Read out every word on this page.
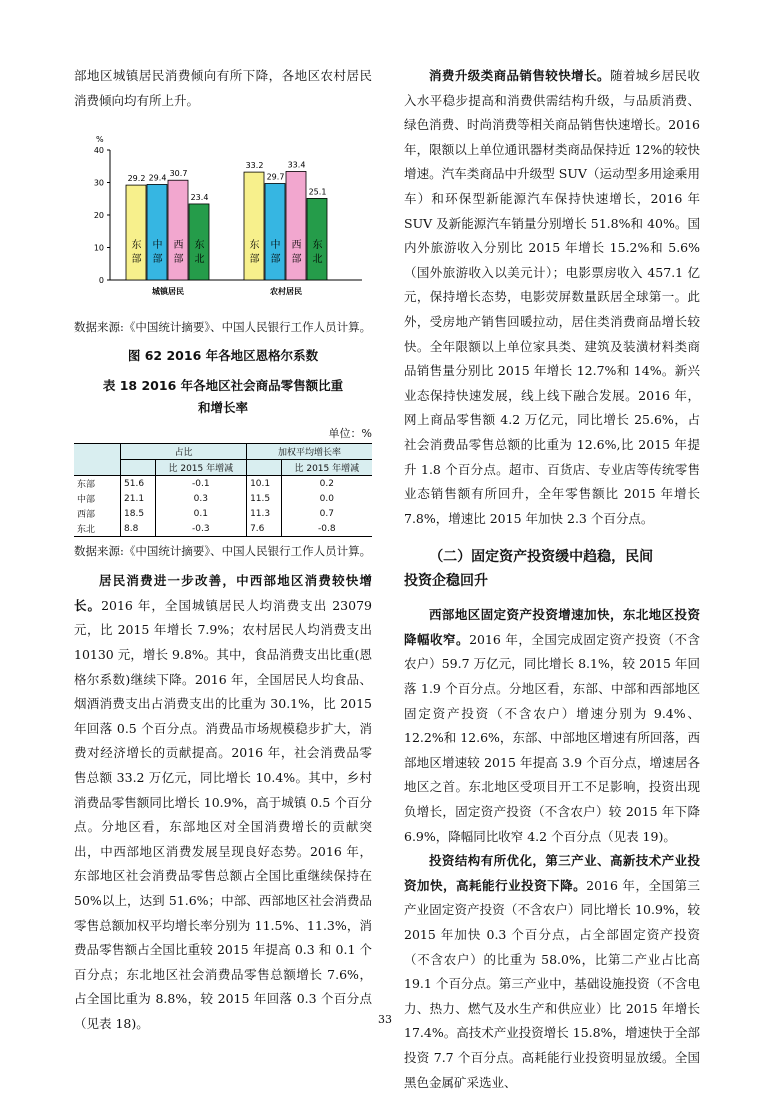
部地区城镇居民消费倾向有所下降，各地区农村居民消费倾向均有所上升。

%
0
10
20
30
40
29.2
东
部
29.4
中
部
30.7
西
部
23.4
东
北
城镇居民
33.2
东
部
29.7
中
部
33.4
西
部
25.1
东
北
农村居民

数据来源:《中国统计摘要》、中国人民银行工作人员计算。

图 62 2016 年各地区恩格尔系数

表 18 2016 年各地区社会商品零售额比重

和增长率

单位：%
	占比		加权平均增长率	
		比 2015 年增减		比 2015 年增减
东部	51.6	-0.1	10.1	0.2
中部	21.1	0.3	11.5	0.0
西部	18.5	0.1	11.3	0.7
东北	8.8	-0.3	7.6	-0.8

数据来源:《中国统计摘要》、中国人民银行工作人员计算。

居民消费进一步改善，中西部地区消费较快增长。2016 年，全国城镇居民人均消费支出 23079 元，比 2015 年增长 7.9%；农村居民人均消费支出 10130 元，增长 9.8%。其中，食品消费支出比重(恩格尔系数)继续下降。2016 年，全国居民人均食品、烟酒消费支出占消费支出的比重为 30.1%，比 2015 年回落 0.5 个百分点。消费品市场规模稳步扩大，消费对经济增长的贡献提高。2016 年，社会消费品零售总额 33.2 万亿元，同比增长 10.4%。其中，乡村消费品零售额同比增长 10.9%，高于城镇 0.5 个百分点。分地区看，东部地区对全国消费增长的贡献突出，中西部地区消费发展呈现良好态势。2016 年，东部地区社会消费品零售总额占全国比重继续保持在 50%以上，达到 51.6%；中部、西部地区社会消费品零售总额加权平均增长率分别为 11.5%、11.3%，消费品零售额占全国比重较 2015 年提高 0.3 和 0.1 个百分点；东北地区社会消费品零售总额增长 7.6%，占全国比重为 8.8%，较 2015 年回落 0.3 个百分点（见表 18)。

消费升级类商品销售较快增长。随着城乡居民收入水平稳步提高和消费供需结构升级，与品质消费、绿色消费、时尚消费等相关商品销售快速增长。2016 年，限额以上单位通讯器材类商品保持近 12%的较快增速。汽车类商品中升级型 SUV（运动型多用途乘用车）和环保型新能源汽车保持快速增长，2016 年 SUV 及新能源汽车销量分别增长 51.8%和 40%。国内外旅游收入分别比 2015 年增长 15.2%和 5.6%（国外旅游收入以美元计）；电影票房收入 457.1 亿元，保持增长态势，电影荧屏数量跃居全球第一。此外，受房地产销售回暖拉动，居住类消费商品增长较快。全年限额以上单位家具类、建筑及装潢材料类商品销售量分别比 2015 年增长 12.7%和 14%。新兴业态保持快速发展，线上线下融合发展。2016 年，网上商品零售额 4.2 万亿元，同比增长 25.6%，占社会消费品零售总额的比重为 12.6%,比 2015 年提升 1.8 个百分点。超市、百货店、专业店等传统零售业态销售额有所回升，全年零售额比 2015 年增长 7.8%，增速比 2015 年加快 2.3 个百分点。

（二）固定资产投资缓中趋稳，民间
投资企稳回升

西部地区固定资产投资增速加快，东北地区投资降幅收窄。2016 年，全国完成固定资产投资（不含农户）59.7 万亿元，同比增长 8.1%，较 2015 年回落 1.9 个百分点。分地区看，东部、中部和西部地区固定资产投资（不含农户）增速分别为 9.4%、12.2%和 12.6%，东部、中部地区增速有所回落，西部地区增速较 2015 年提高 3.9 个百分点，增速居各地区之首。东北地区受项目开工不足影响，投资出现负增长，固定资产投资（不含农户）较 2015 年下降 6.9%，降幅同比收窄 4.2 个百分点（见表 19)。

投资结构有所优化，第三产业、高新技术产业投资加快，高耗能行业投资下降。2016 年，全国第三产业固定资产投资（不含农户）同比增长 10.9%，较 2015 年加快 0.3 个百分点，占全部固定资产投资（不含农户）的比重为 58.0%，比第二产业占比高 19.1 个百分点。第三产业中，基础设施投资（不含电力、热力、燃气及水生产和供应业）比 2015 年增长 17.4%。高技术产业投资增长 15.8%，增速快于全部投资 7.7 个百分点。高耗能行业投资明显放缓。全国黑色金属矿采选业、

33
